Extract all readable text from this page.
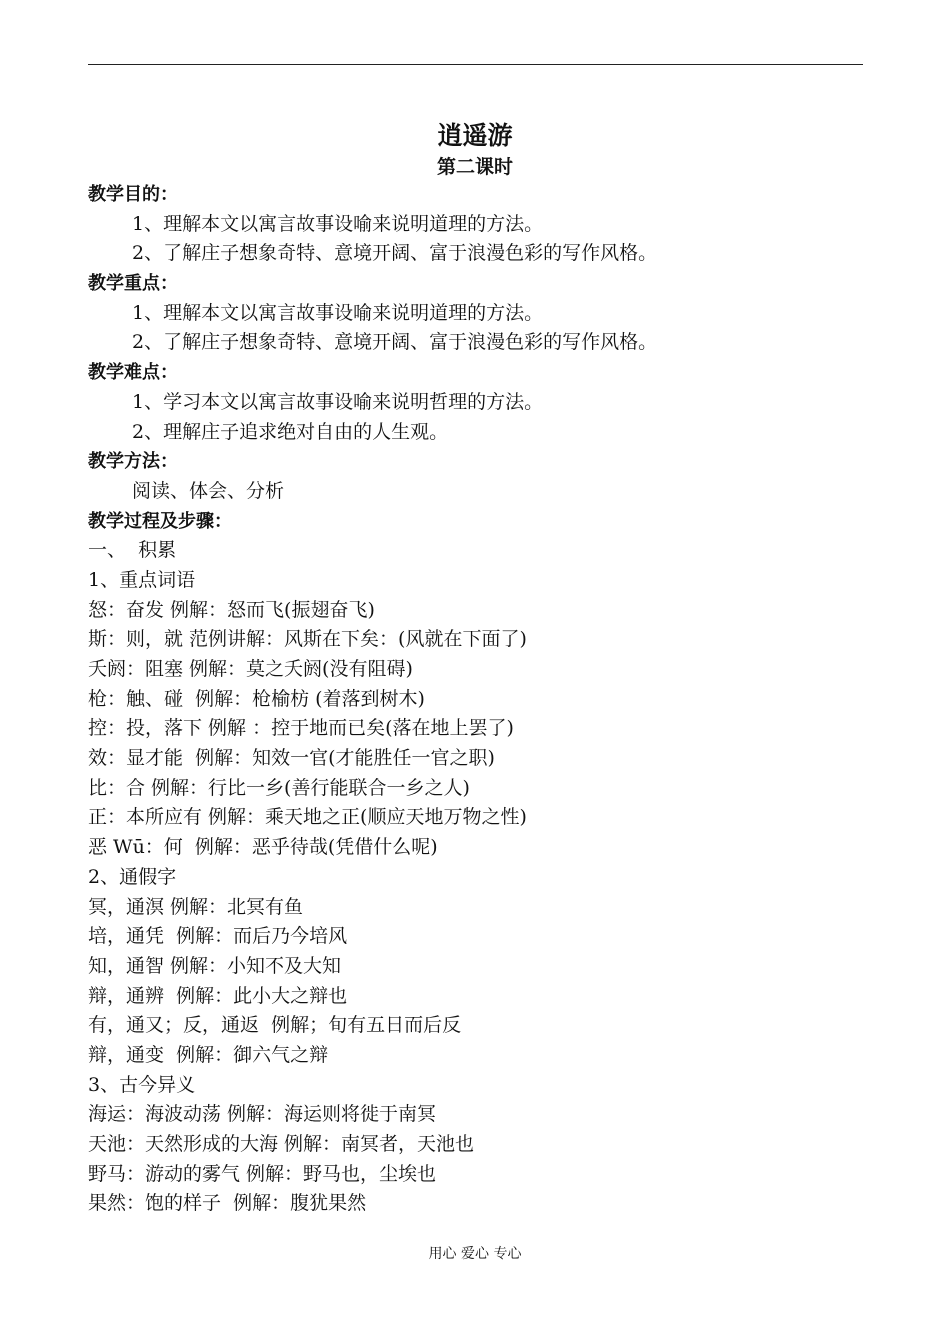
逍遥游
第二课时
教学目的：
1、理解本文以寓言故事设喻来说明道理的方法。
2、了解庄子想象奇特、意境开阔、富于浪漫色彩的写作风格。
教学重点：
1、理解本文以寓言故事设喻来说明道理的方法。
2、了解庄子想象奇特、意境开阔、富于浪漫色彩的写作风格。
教学难点：
1、学习本文以寓言故事设喻来说明哲理的方法。
2、理解庄子追求绝对自由的人生观。
教学方法：
阅读、体会、分析
教学过程及步骤：
一、  积累
1、重点词语
怒：奋发 例解：怒而飞(振翅奋飞)
斯：则，就 范例讲解：风斯在下矣：(风就在下面了)
夭阏：阻塞 例解：莫之夭阏(没有阻碍)
枪：触、碰  例解：枪榆枋 (着落到树木)
控：投，落下 例解 ：控于地而已矣(落在地上罢了)
效：显才能  例解：知效一官(才能胜任一官之职)
比：合 例解：行比一乡(善行能联合一乡之人)
正：本所应有 例解：乘天地之正(顺应天地万物之性)
恶 Wū：何  例解：恶乎待哉(凭借什么呢)
2、通假字
冥，通溟 例解：北冥有鱼
培，通凭  例解：而后乃今培风
知，通智 例解：小知不及大知
辩，通辨  例解：此小大之辩也
有，通又；反，通返  例解；旬有五日而后反
辩，通变  例解：御六气之辩
3、古今异义
海运：海波动荡 例解：海运则将徙于南冥
天池：天然形成的大海 例解：南冥者，天池也
野马：游动的雾气 例解：野马也，尘埃也
果然：饱的样子  例解：腹犹果然
用心 爱心 专心
